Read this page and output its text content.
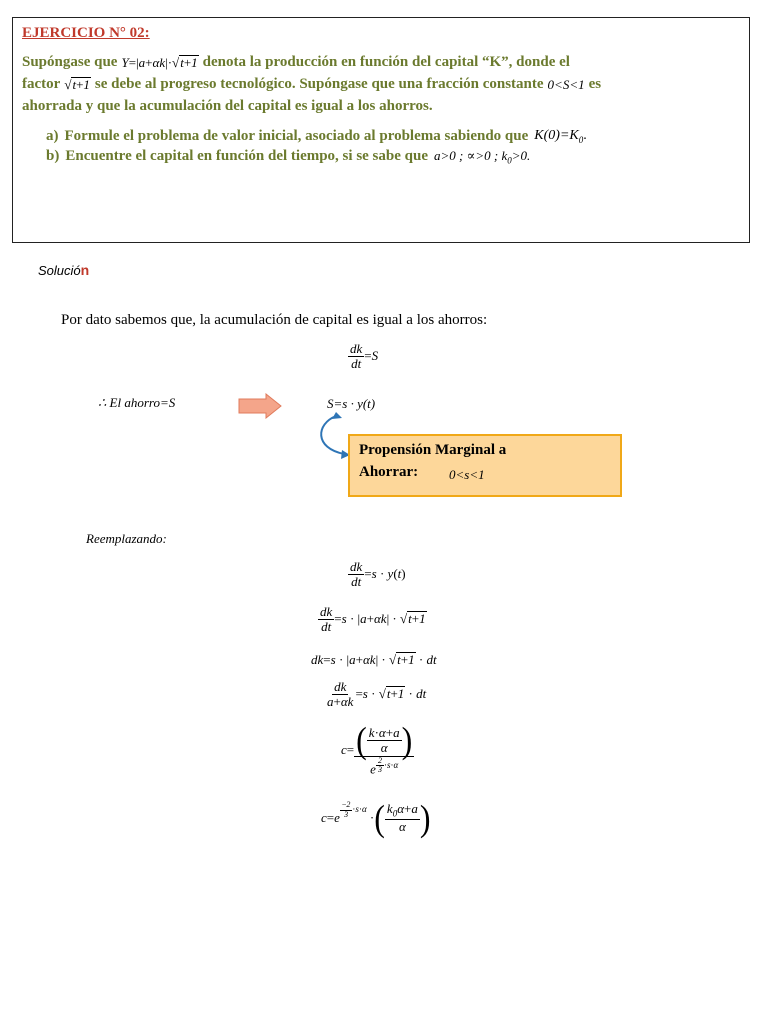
EJERCICIO N° 02:
Supóngase que Y=|a+αk|· √ t+1 denota la producción en función del capital “K”, donde el
factor √ t+1 se debe al progreso tecnológico. Supóngase que una fracción constante 0<S<1 es
ahorrada y que la acumulación del capital es igual a los ahorros.
a) Formule el problema de valor inicial, asociado al problema sabiendo que $K(0)=K_0$.
b) Encuentre el capital en función del tiempo, si se sabe que a>0 ; ∝>0 ; $k_0>0$.
Solución
Por dato sabemos que, la acumulación de capital es igual a los ahorros:
$\frac{dk}{dt} = S$
∴ El ahorro=S	S=s · y(t)
Propensión Marginal a
Ahorrar: 0<s<1
Reemplazando:
$\frac{dk}{dt} = s \cdot y$ ( t )
$\frac{dk}{dt} = s$ · | a + αk | · √ t+1
dk = s · | a + αk | · √ t+1 · dt
$\frac{dk}{a+\alpha k} = s$ · √ t+1 · dt
c = ( $\frac{k\cdot\alpha+a}{\alpha}$ )
e $^{\frac{2}{3} \cdot s\cdot\alpha}$
c = e $^{\frac{-2}{3} \cdot s\cdot\alpha}$
· ( $\frac{k_0\alpha+a}{\alpha}$ )
